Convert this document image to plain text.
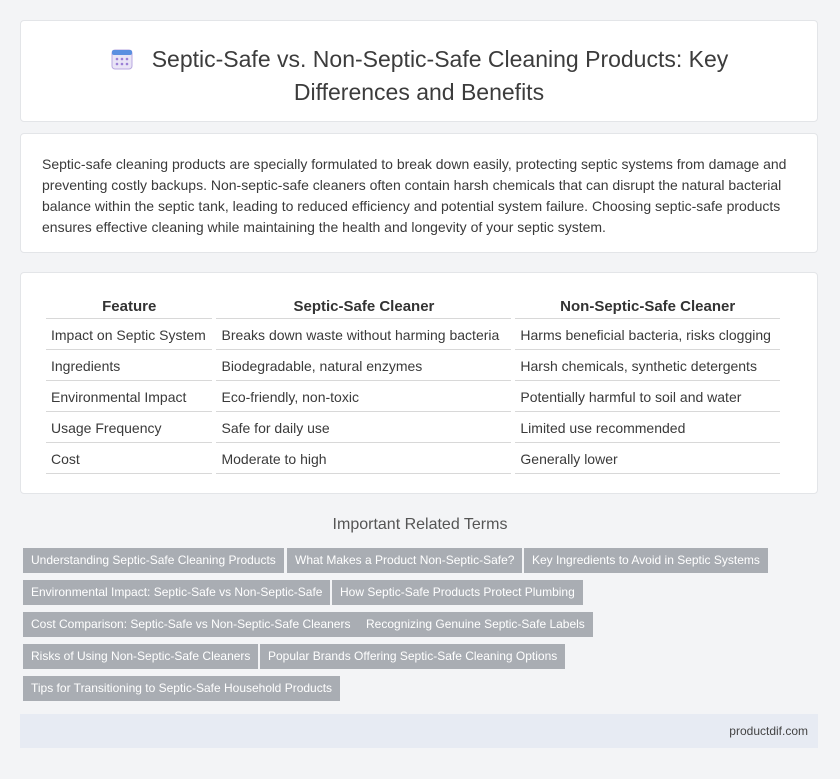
Septic-Safe vs. Non-Septic-Safe Cleaning Products: Key
Differences and Benefits

Septic-safe cleaning products are specially formulated to break down easily, protecting septic systems from damage and preventing costly backups. Non-septic-safe cleaners often contain harsh chemicals that can disrupt the natural bacterial balance within the septic tank, leading to reduced efficiency and potential system failure. Choosing septic-safe products ensures effective cleaning while maintaining the health and longevity of your septic system.

Feature	Septic-Safe Cleaner	Non-Septic-Safe Cleaner
Impact on Septic System	Breaks down waste without harming bacteria	Harms beneficial bacteria, risks clogging
Ingredients	Biodegradable, natural enzymes	Harsh chemicals, synthetic detergents
Environmental Impact	Eco-friendly, non-toxic	Potentially harmful to soil and water
Usage Frequency	Safe for daily use	Limited use recommended
Cost	Moderate to high	Generally lower
Important Related Terms
Understanding Septic-Safe Cleaning Products	What Makes a Product Non-Septic-Safe?	Key Ingredients to Avoid in Septic Systems
Environmental Impact: Septic-Safe vs Non-Septic-Safe	How Septic-Safe Products Protect Plumbing
Cost Comparison: Septic-Safe vs Non-Septic-Safe Cleaners	Recognizing Genuine Septic-Safe Labels
Risks of Using Non-Septic-Safe Cleaners	Popular Brands Offering Septic-Safe Cleaning Options
Tips for Transitioning to Septic-Safe Household Products
productdif.com
